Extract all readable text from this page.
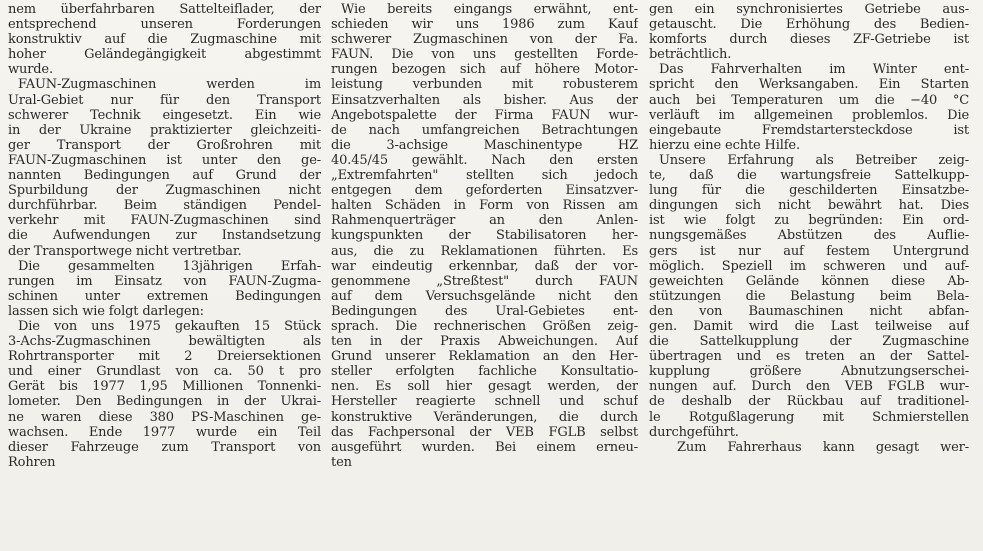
nem überfahrbaren Sattelteiflader, der
entsprechend unseren Forderungen
konstruktiv auf die Zugmaschine mit
hoher Geländegängigkeit abgestimmt
wurde.
FAUN-Zugmaschinen werden im
Ural-Gebiet nur für den Transport
schwerer Technik eingesetzt. Ein wie
in der Ukraine praktizierter gleichzeiti-
ger Transport der Großrohren mit
FAUN-Zugmaschinen ist unter den ge-
nannten Bedingungen auf Grund der
Spurbildung der Zugmaschinen nicht
durchführbar. Beim ständigen Pendel-
verkehr mit FAUN-Zugmaschinen sind
die Aufwendungen zur Instandsetzung
der Transportwege nicht vertretbar.
Die gesammelten 13jährigen Erfah-
rungen im Einsatz von FAUN-Zugma-
schinen unter extremen Bedingungen
lassen sich wie folgt darlegen:
Die von uns 1975 gekauften 15 Stück
3-Achs-Zugmaschinen bewältigten als
Rohrtransporter mit 2 Dreiersektionen
und einer Grundlast von ca. 50 t pro
Gerät bis 1977 1,95 Millionen Tonnenki-
lometer. Den Bedingungen in der Ukrai-
ne waren diese 380 PS-Maschinen ge-
wachsen. Ende 1977 wurde ein Teil
dieser Fahrzeuge zum Transport von
Rohren
Wie bereits eingangs erwähnt, ent-
schieden wir uns 1986 zum Kauf
schwerer Zugmaschinen von der Fa.
FAUN. Die von uns gestellten Forde-
rungen bezogen sich auf höhere Motor-
leistung verbunden mit robusterem
Einsatzverhalten als bisher. Aus der
Angebotspalette der Firma FAUN wur-
de nach umfangreichen Betrachtungen
die 3-achsige Maschinentype HZ
40.45/45 gewählt. Nach den ersten
„Extremfahrten" stellten sich jedoch
entgegen dem geforderten Einsatzver-
halten Schäden in Form von Rissen am
Rahmenquerträger an den Anlen-
kungspunkten der Stabilisatoren her-
aus, die zu Reklamationen führten. Es
war eindeutig erkennbar, daß der vor-
genommene „Streßtest" durch FAUN
auf dem Versuchsgelände nicht den
Bedingungen des Ural-Gebietes ent-
sprach. Die rechnerischen Größen zeig-
ten in der Praxis Abweichungen. Auf
Grund unserer Reklamation an den Her-
steller erfolgten fachliche Konsultatio-
nen. Es soll hier gesagt werden, der
Hersteller reagierte schnell und schuf
konstruktive Veränderungen, die durch
das Fachpersonal der VEB FGLB selbst
ausgeführt wurden. Bei einem erneu-
ten
gen ein synchronisiertes Getriebe aus-
getauscht. Die Erhöhung des Bedien-
komforts durch dieses ZF-Getriebe ist
beträchtlich.
Das Fahrverhalten im Winter ent-
spricht den Werksangaben. Ein Starten
auch bei Temperaturen um die −40 °C
verläuft im allgemeinen problemlos. Die
eingebaute Fremdstartersteckdose ist
hierzu eine echte Hilfe.
Unsere Erfahrung als Betreiber zeig-
te, daß die wartungsfreie Sattelkupp-
lung für die geschilderten Einsatzbe-
dingungen sich nicht bewährt hat. Dies
ist wie folgt zu begründen: Ein ord-
nungsgemäßes Abstützen des Auflie-
gers ist nur auf festem Untergrund
möglich. Speziell im schweren und auf-
geweichten Gelände können diese Ab-
stützungen die Belastung beim Bela-
den von Baumaschinen nicht abfan-
gen. Damit wird die Last teilweise auf
die Sattelkupplung der Zugmaschine
übertragen und es treten an der Sattel-
kupplung größere Abnutzungserschei-
nungen auf. Durch den VEB FGLB wur-
de deshalb der Rückbau auf traditionel-
le Rotgußlagerung mit Schmierstellen
durchgeführt.
Zum Fahrerhaus kann gesagt wer-
